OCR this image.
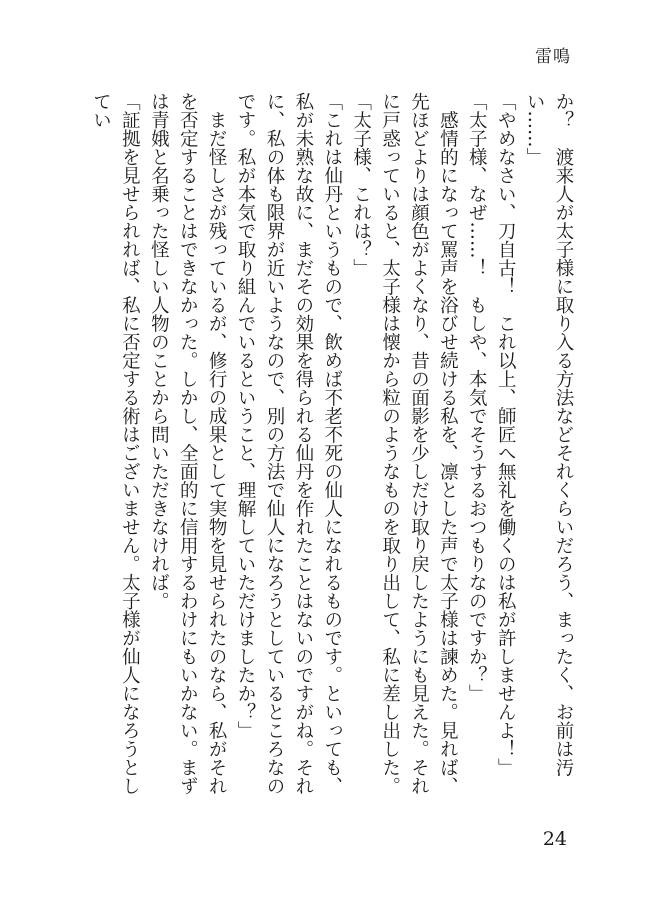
雷鳴

か？　渡来人が太子様に取り入る方法などそれくらいだろう、まったく、お前は汚い……」

「やめなさい、刀自古！　これ以上、師匠へ無礼を働くのは私が許しませんよ！」

「太子様、なぜ……！　もしや、本気でそうするおつもりなのですか？」

　感情的になって罵声を浴びせ続ける私を、凛とした声で太子様は諫めた。見れば、先ほどよりは顔色がよくなり、昔の面影を少しだけ取り戻したようにも見えた。それに戸惑っていると、太子様は懐から粒のようなものを取り出して、私に差し出した。

「太子様、これは？」

「これは仙丹というもので、飲めば不老不死の仙人になれるものです。といっても、私が未熟な故に、まだその効果を得られる仙丹を作れたことはないのですがね。それに、私の体も限界が近いようなので、別の方法で仙人になろうとしているところなのです。私が本気で取り組んでいるということ、理解していただけましたか？」

　まだ怪しさが残っているが、修行の成果として実物を見せられたのなら、私がそれを否定することはできなかった。しかし、全面的に信用するわけにもいかない。まずは青娥と名乗った怪しい人物のことから問いただきなければ。

「証拠を見せられれば、私に否定する術はございません。太子様が仙人になろうとしてい

24
